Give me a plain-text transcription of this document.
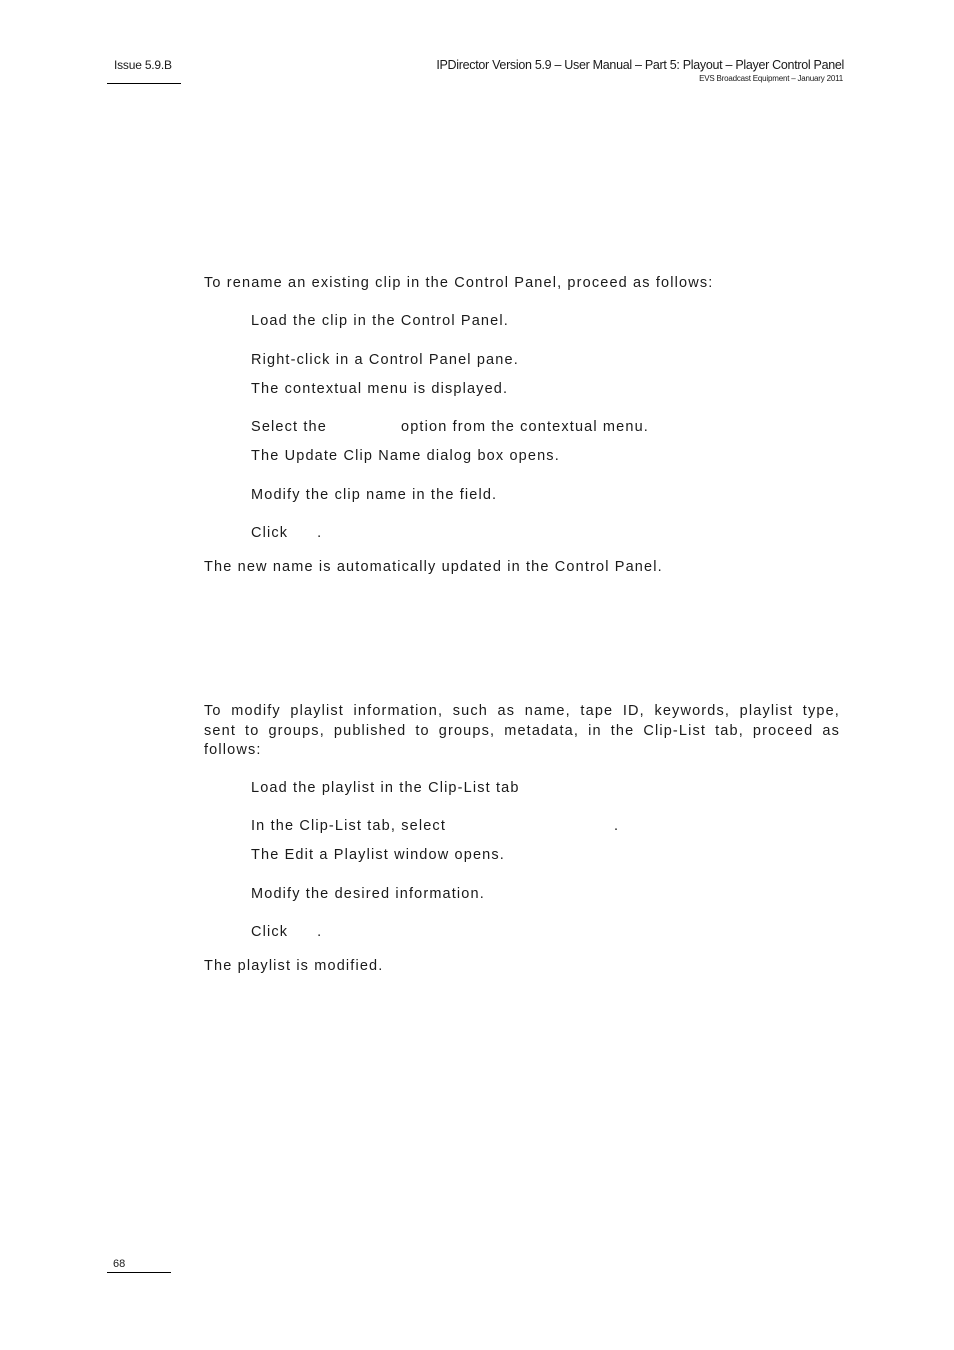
Issue 5.9.B	IPDirector Version 5.9 – User Manual – Part 5: Playout – Player Control Panel
EVS Broadcast Equipment – January 2011
To rename an existing clip in the Control Panel, proceed as follows:
Load the clip in the Control Panel.
Right-click in a Control Panel pane.
The contextual menu is displayed.
Select the	option from the contextual menu.
The Update Clip Name dialog box opens.
Modify the clip name in the field.
Click .
The new name is automatically updated in the Control Panel.
To modify playlist information, such as name, tape ID, keywords, playlist type,
sent to groups, published to groups, metadata, in the Clip-List tab, proceed as
follows:
Load the playlist in the Clip-List tab
In the Clip-List tab, select	.
The Edit a Playlist window opens.
Modify the desired information.
Click .
The playlist is modified.
68
